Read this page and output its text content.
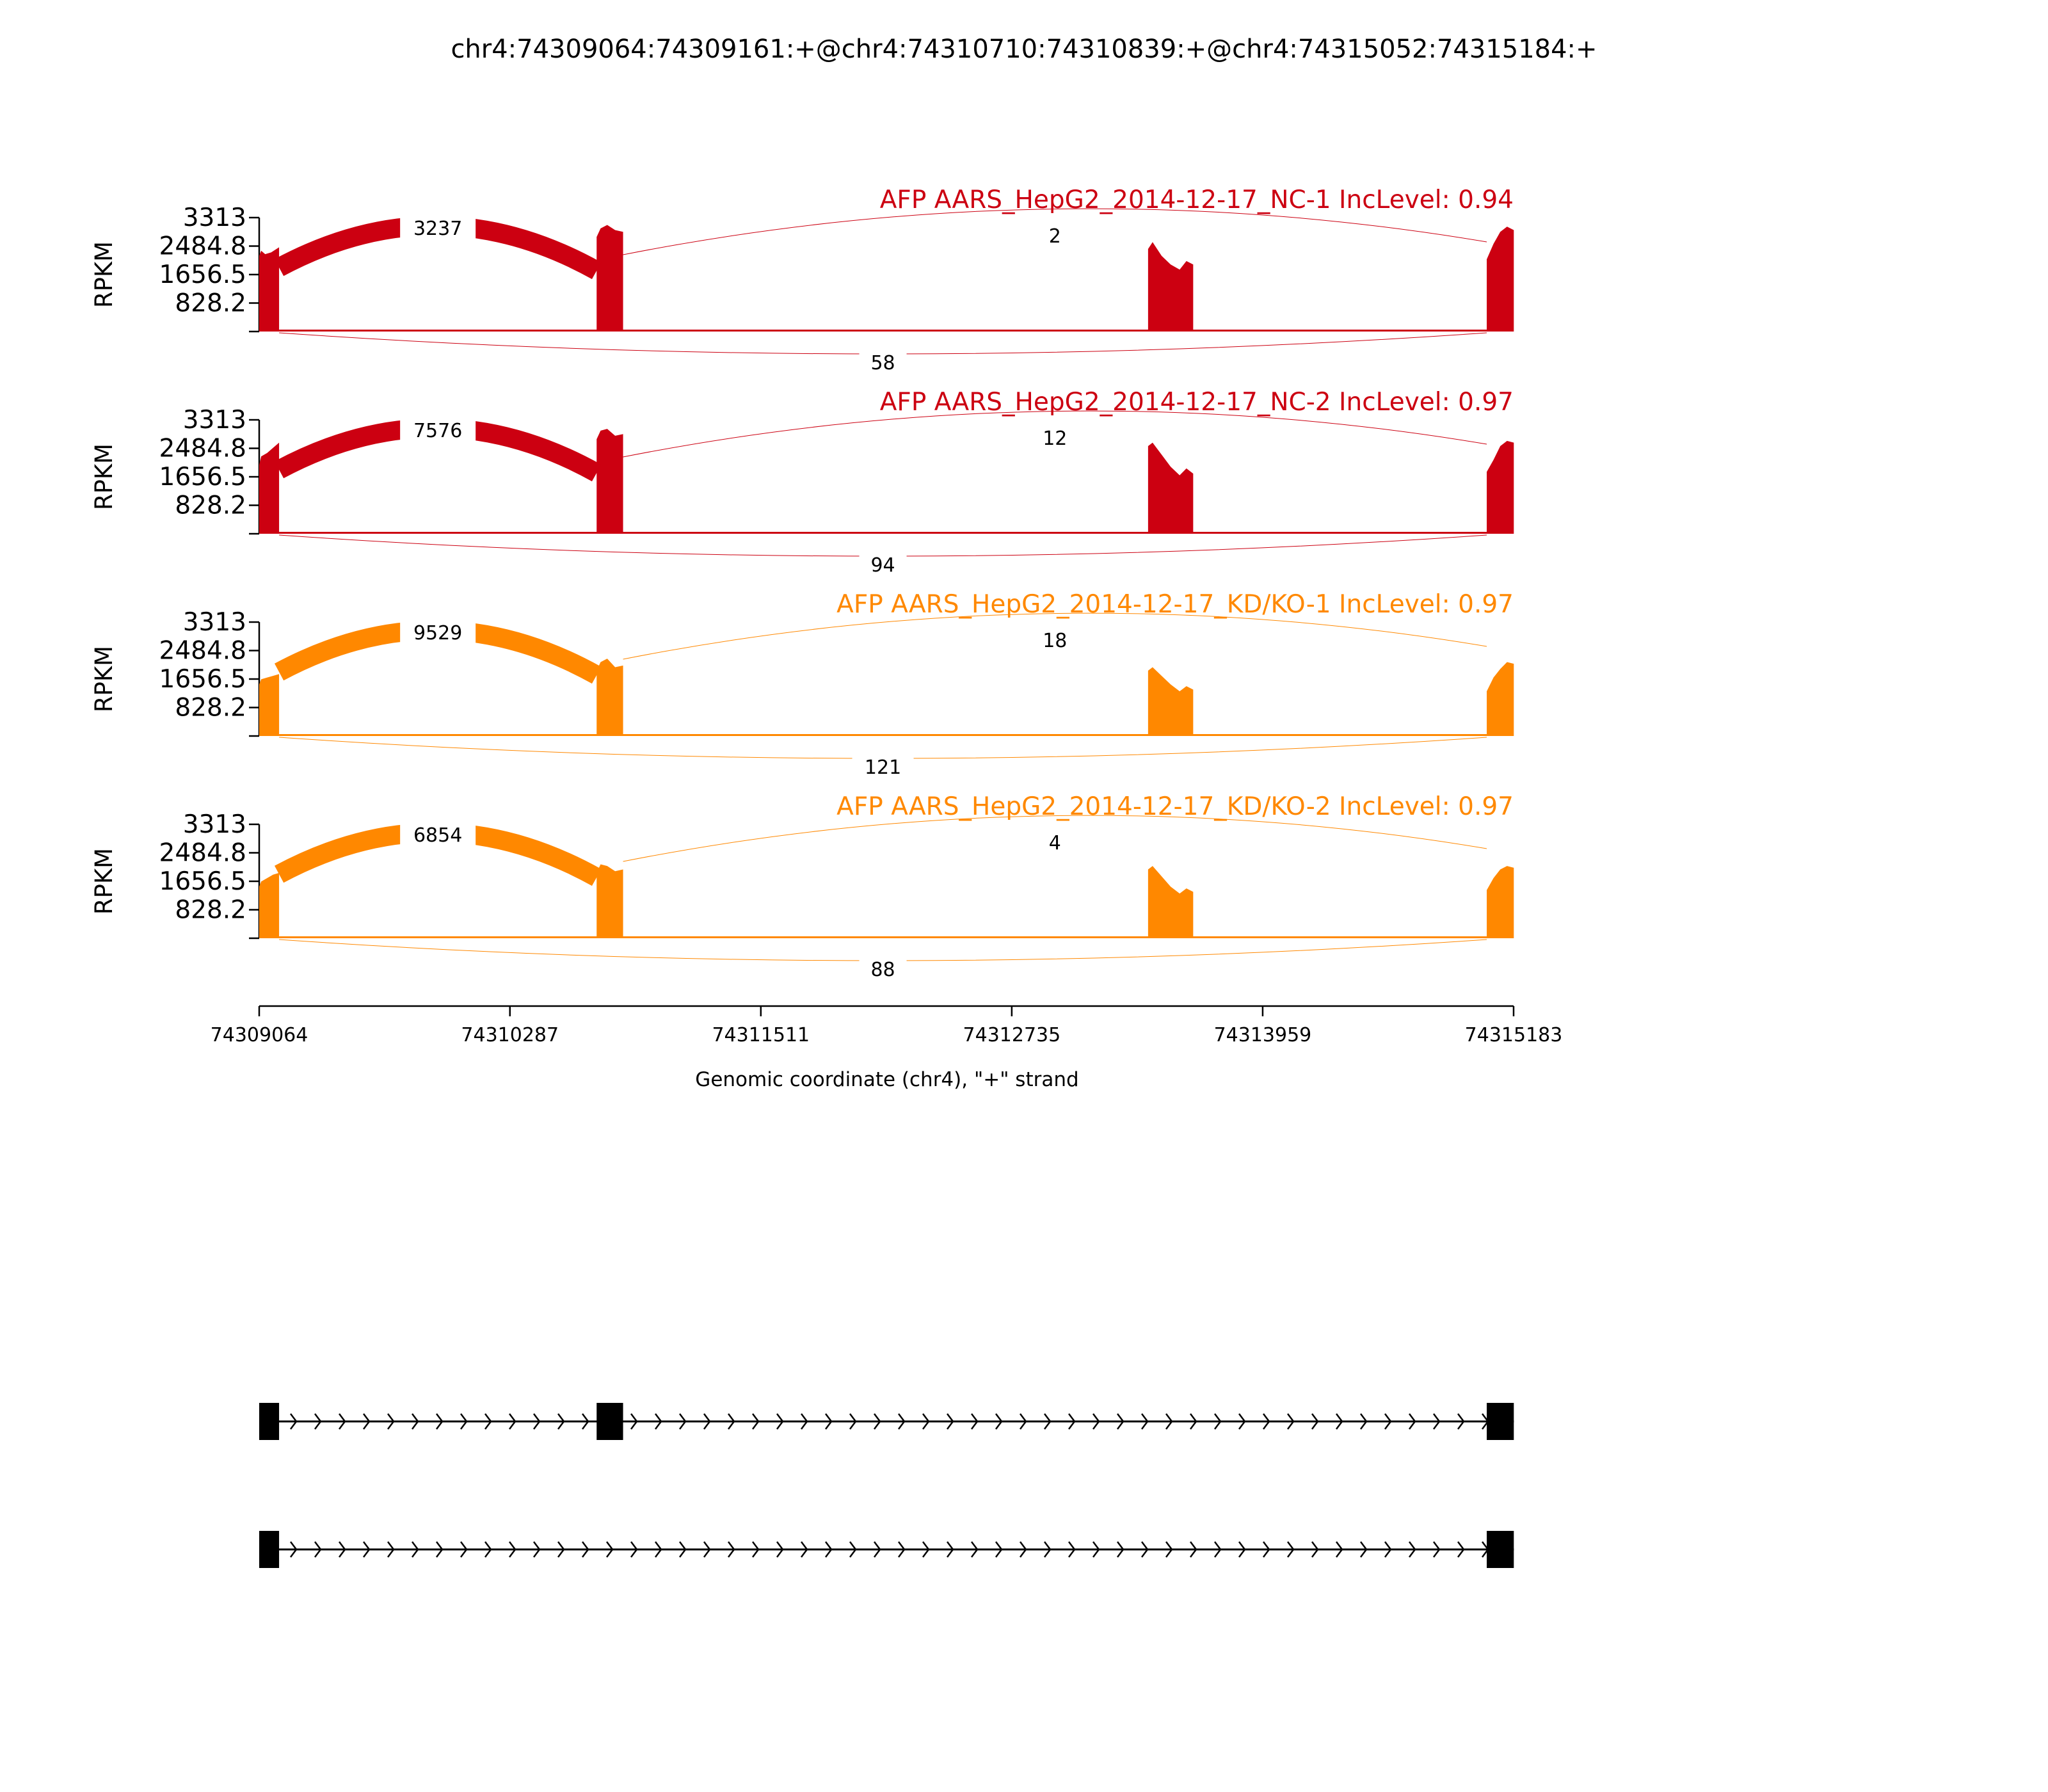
chr4:74309064:74309161:+@chr4:74310710:74310839:+@chr4:74315052:74315184:+
AFP AARS_HepG2_2014-12-17_NC-1 IncLevel: 0.94
3313
2484.8
1656.5
828.2
RPKM
3237	2
58
AFP AARS_HepG2_2014-12-17_NC-2 IncLevel: 0.97
3313
2484.8
1656.5
828.2
RPKM
7576	12
94
AFP AARS_HepG2_2014-12-17_KD/KO-1 IncLevel: 0.97
3313
2484.8
1656.5
828.2
RPKM
9529	18
121
AFP AARS_HepG2_2014-12-17_KD/KO-2 IncLevel: 0.97
3313
2484.8
1656.5
828.2
RPKM
6854	4
88
74309064	74310287	74311511	74312735	74313959	74315183
Genomic coordinate (chr4), "+" strand
